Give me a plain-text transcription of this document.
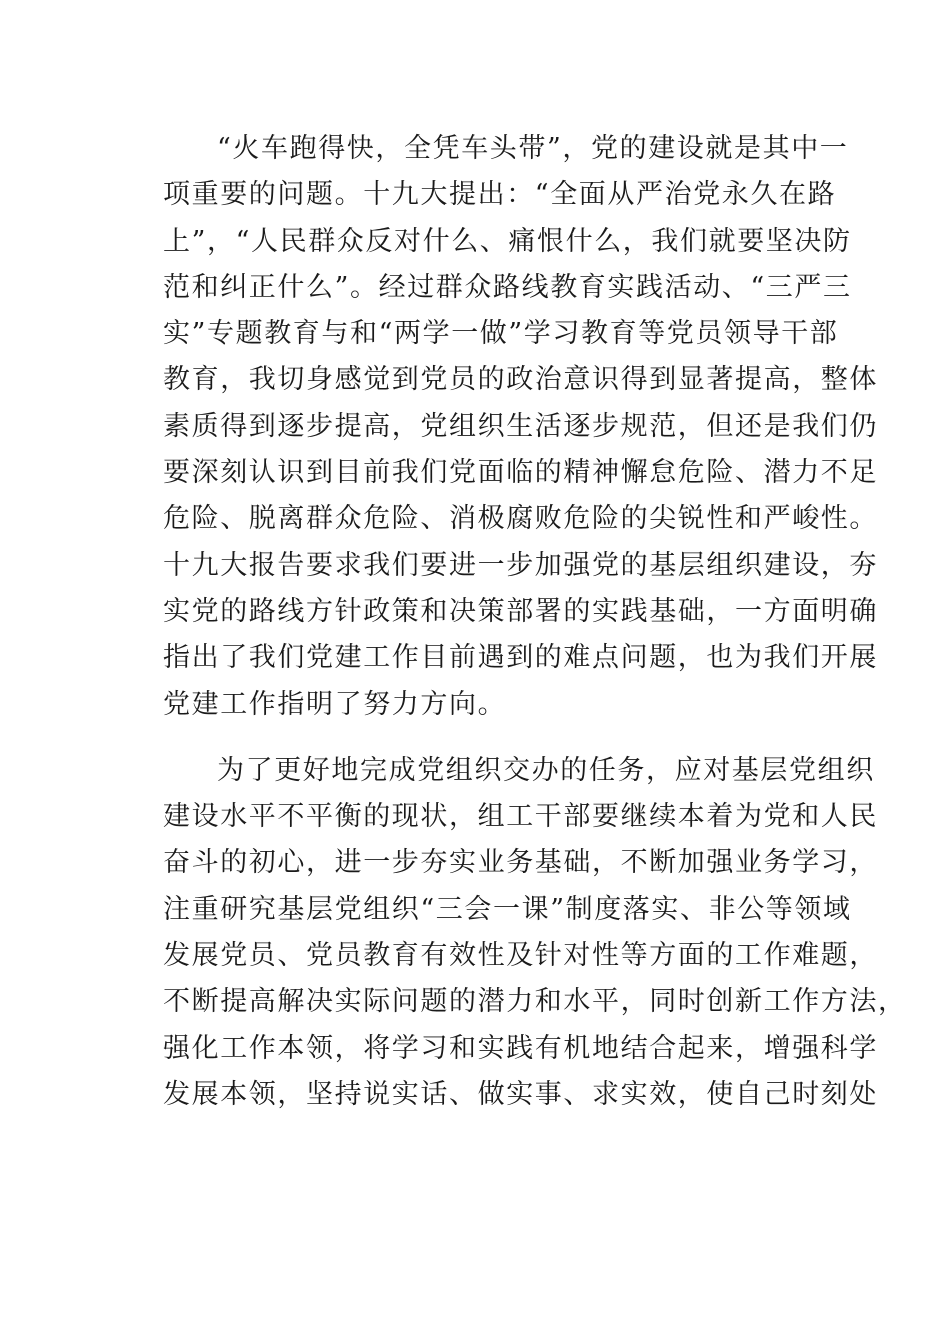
“火车跑得快，全凭车头带”，党的建设就是其中一
项重要的问题。十九大提出：“全面从严治党永久在路
上”，“人民群众反对什么、痛恨什么，我们就要坚决防
范和纠正什么”。经过群众路线教育实践活动、“三严三
实”专题教育与和“两学一做”学习教育等党员领导干部
教育，我切身感觉到党员的政治意识得到显著提高，整体
素质得到逐步提高，党组织生活逐步规范，但还是我们仍
要深刻认识到目前我们党面临的精神懈怠危险、潜力不足
危险、脱离群众危险、消极腐败危险的尖锐性和严峻性。
十九大报告要求我们要进一步加强党的基层组织建设，夯
实党的路线方针政策和决策部署的实践基础，一方面明确
指出了我们党建工作目前遇到的难点问题，也为我们开展
党建工作指明了努力方向。
为了更好地完成党组织交办的任务，应对基层党组织
建设水平不平衡的现状，组工干部要继续本着为党和人民
奋斗的初心，进一步夯实业务基础，不断加强业务学习，
注重研究基层党组织“三会一课”制度落实、非公等领域
发展党员、党员教育有效性及针对性等方面的工作难题，
不断提高解决实际问题的潜力和水平，同时创新工作方法，
强化工作本领，将学习和实践有机地结合起来，增强科学
发展本领，坚持说实话、做实事、求实效，使自己时刻处
